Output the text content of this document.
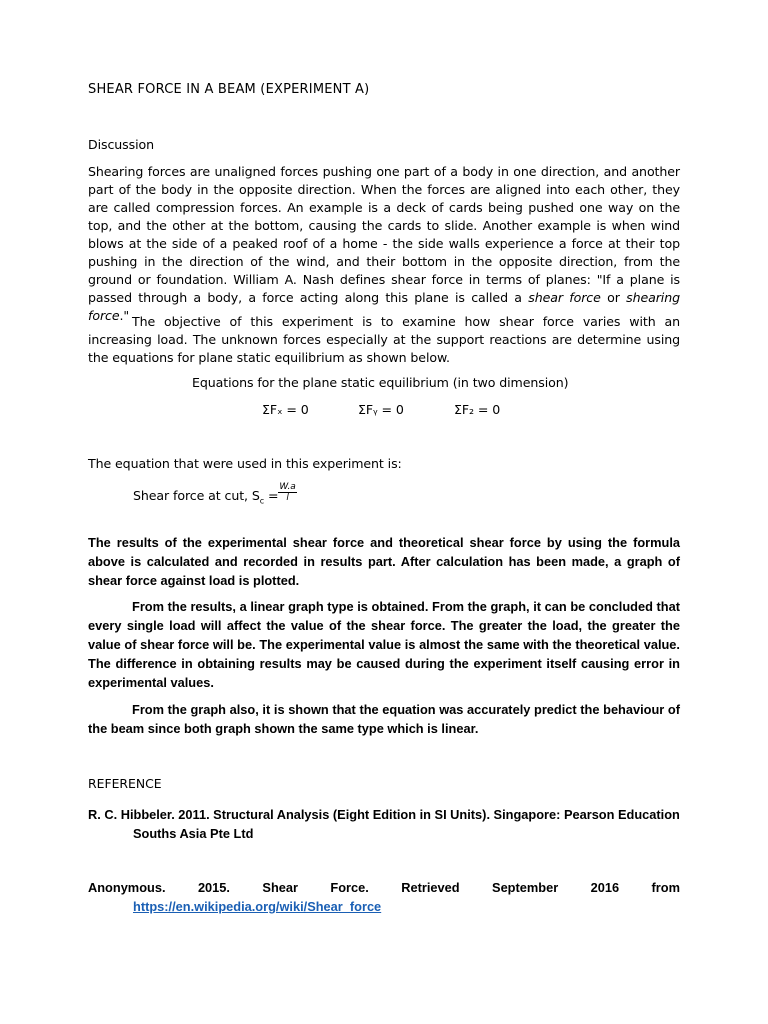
SHEAR FORCE IN A BEAM (EXPERIMENT A)
Discussion
Shearing forces are unaligned forces pushing one part of a body in one direction, and another part of the body in the opposite direction. When the forces are aligned into each other, they are called compression forces. An example is a deck of cards being pushed one way on the top, and the other at the bottom, causing the cards to slide. Another example is when wind blows at the side of a peaked roof of a home - the side walls experience a force at their top pushing in the direction of the wind, and their bottom in the opposite direction, from the ground or foundation. William A. Nash defines shear force in terms of planes: "If a plane is passed through a body, a force acting along this plane is called a shear force or shearing force." The objective of this experiment is to examine how shear force varies with an increasing load. The unknown forces especially at the support reactions are determine using the equations for plane static equilibrium as shown below.
Equations for the plane static equilibrium (in two dimension)
ΣFₓ = 0	ΣFᵧ = 0	ΣF₂ = 0
The equation that were used in this experiment is:
Shear force at cut, $S_c = \frac{W.a}{l}$
The results of the experimental shear force and theoretical shear force by using the formula above is calculated and recorded in results part. After calculation has been made, a graph of shear force against load is plotted.
From the results, a linear graph type is obtained. From the graph, it can be concluded that every single load will affect the value of the shear force. The greater the load, the greater the value of shear force will be. The experimental value is almost the same with the theoretical value. The difference in obtaining results may be caused during the experiment itself causing error in experimental values.
From the graph also, it is shown that the equation was accurately predict the behaviour of the beam since both graph shown the same type which is linear.
REFERENCE
R. C. Hibbeler. 2011. Structural Analysis (Eight Edition in SI Units). Singapore: Pearson Education
Souths Asia Pte Ltd
Anonymous.	2015.	Shear	Force.	Retrieved	September	2016	from
https://en.wikipedia.org/wiki/Shear_force
